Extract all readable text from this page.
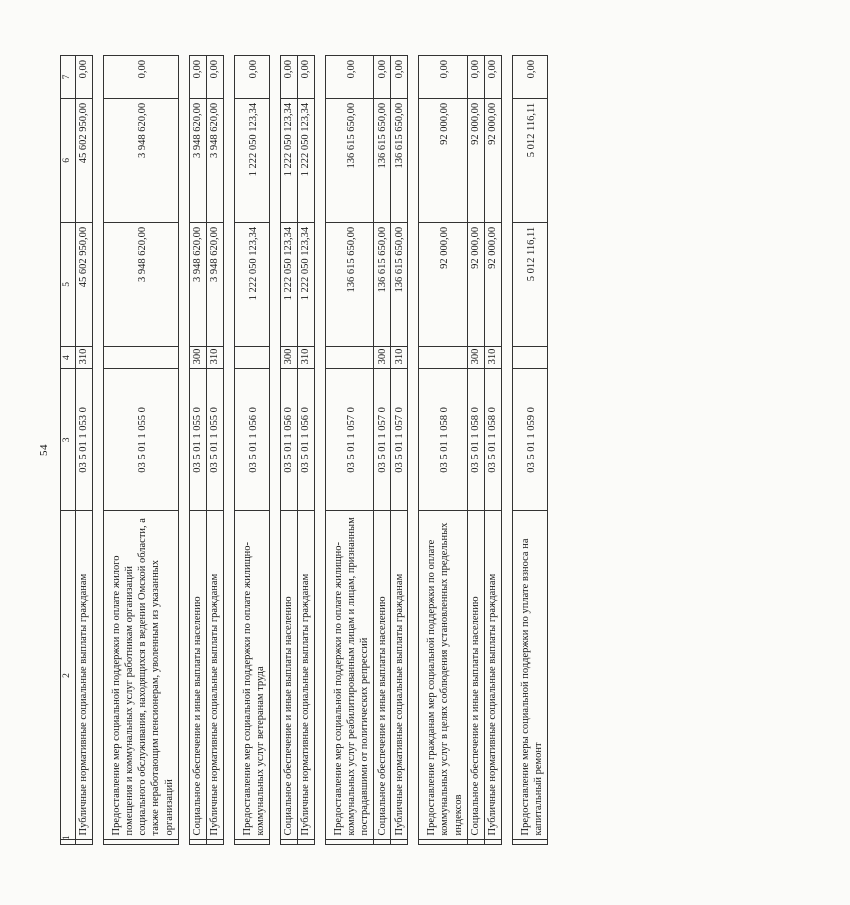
54
1	2	3	4	5	6	7
	Публичные нормативные социальные выплаты гражданам	03 5 01 1 053 0	310	45 602 950,00	45 602 950,00	0,00

	Предоставление мер социальной поддержки по оплате жилого помещения и коммунальных услуг работникам организаций социального обслуживания, находящихся в ведении Омской области, а также неработающим пенсионерам, уволенным из указанных организаций	03 5 01 1 055 0		3 948 620,00	3 948 620,00	0,00

	Социальное обеспечение и иные выплаты населению	03 5 01 1 055 0	300	3 948 620,00	3 948 620,00	0,00
	Публичные нормативные социальные выплаты гражданам	03 5 01 1 055 0	310	3 948 620,00	3 948 620,00	0,00

	Предоставление мер социальной поддержки по оплате жилищно-коммунальных услуг ветеранам труда	03 5 01 1 056 0		1 222 050 123,34	1 222 050 123,34	0,00

	Социальное обеспечение и иные выплаты населению	03 5 01 1 056 0	300	1 222 050 123,34	1 222 050 123,34	0,00
	Публичные нормативные социальные выплаты гражданам	03 5 01 1 056 0	310	1 222 050 123,34	1 222 050 123,34	0,00

	Предоставление мер социальной поддержки по оплате жилищно-коммунальных услуг реабилитированным лицам и лицам, признанным пострадавшими от политических репрессий	03 5 01 1 057 0		136 615 650,00	136 615 650,00	0,00
	Социальное обеспечение и иные выплаты населению	03 5 01 1 057 0	300	136 615 650,00	136 615 650,00	0,00
	Публичные нормативные социальные выплаты гражданам	03 5 01 1 057 0	310	136 615 650,00	136 615 650,00	0,00

	Предоставление гражданам мер социальной поддержки по оплате коммунальных услуг в целях соблюдения установленных предельных индексов	03 5 01 1 058 0		92 000,00	92 000,00	0,00
	Социальное обеспечение и иные выплаты населению	03 5 01 1 058 0	300	92 000,00	92 000,00	0,00
	Публичные нормативные социальные выплаты гражданам	03 5 01 1 058 0	310	92 000,00	92 000,00	0,00

	Предоставление меры социальной поддержки по уплате взноса на капитальный ремонт	03 5 01 1 059 0		5 012 116,11	5 012 116,11	0,00
